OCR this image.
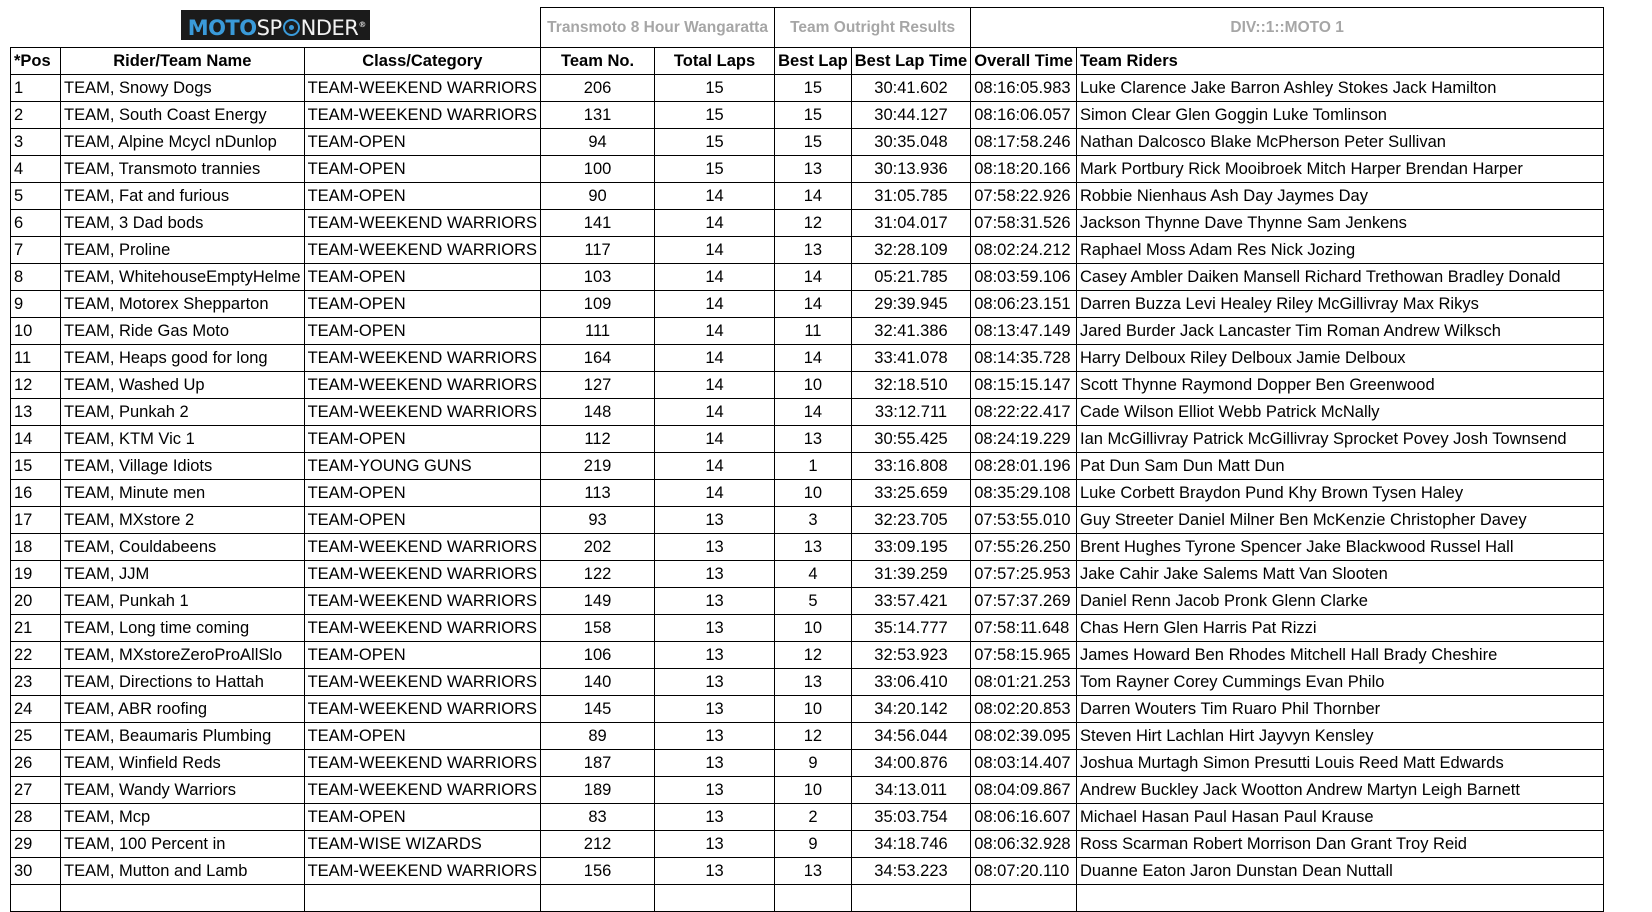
MOTOSP NDER®			Transmoto 8 Hour Wangaratta		Team Outright Results		DIV::1::MOTO 1	
*Pos	Rider/Team Name	Class/Category	Team No.	Total Laps	Best Lap	Best Lap Time	Overall Time	Team Riders
1	TEAM, Snowy Dogs	TEAM-WEEKEND WARRIORS	206	15	15	30:41.602	08:16:05.983	Luke Clarence Jake Barron Ashley Stokes Jack Hamilton
2	TEAM, South Coast Energy	TEAM-WEEKEND WARRIORS	131	15	15	30:44.127	08:16:06.057	Simon Clear Glen Goggin Luke Tomlinson
3	TEAM, Alpine Mcycl nDunlop	TEAM-OPEN	94	15	15	30:35.048	08:17:58.246	Nathan Dalcosco Blake McPherson Peter Sullivan
4	TEAM, Transmoto trannies	TEAM-OPEN	100	15	13	30:13.936	08:18:20.166	Mark Portbury Rick Mooibroek Mitch Harper Brendan Harper
5	TEAM, Fat and furious	TEAM-OPEN	90	14	14	31:05.785	07:58:22.926	Robbie Nienhaus Ash Day Jaymes Day
6	TEAM, 3 Dad bods	TEAM-WEEKEND WARRIORS	141	14	12	31:04.017	07:58:31.526	Jackson Thynne Dave Thynne Sam Jenkens
7	TEAM, Proline	TEAM-WEEKEND WARRIORS	117	14	13	32:28.109	08:02:24.212	Raphael Moss Adam Res Nick Jozing
8	TEAM, WhitehouseEmptyHelme	TEAM-OPEN	103	14	14	05:21.785	08:03:59.106	Casey Ambler Daiken Mansell Richard Trethowan Bradley Donald
9	TEAM, Motorex Shepparton	TEAM-OPEN	109	14	14	29:39.945	08:06:23.151	Darren Buzza Levi Healey Riley McGillivray Max Rikys
10	TEAM, Ride Gas Moto	TEAM-OPEN	111	14	11	32:41.386	08:13:47.149	Jared Burder Jack Lancaster Tim Roman Andrew Wilksch
11	TEAM, Heaps good for long	TEAM-WEEKEND WARRIORS	164	14	14	33:41.078	08:14:35.728	Harry Delboux Riley Delboux Jamie Delboux
12	TEAM, Washed Up	TEAM-WEEKEND WARRIORS	127	14	10	32:18.510	08:15:15.147	Scott Thynne Raymond Dopper Ben Greenwood
13	TEAM, Punkah 2	TEAM-WEEKEND WARRIORS	148	14	14	33:12.711	08:22:22.417	Cade Wilson Elliot Webb Patrick McNally
14	TEAM, KTM Vic 1	TEAM-OPEN	112	14	13	30:55.425	08:24:19.229	Ian McGillivray Patrick McGillivray Sprocket Povey Josh Townsend
15	TEAM, Village Idiots	TEAM-YOUNG GUNS	219	14	1	33:16.808	08:28:01.196	Pat Dun Sam Dun Matt Dun
16	TEAM, Minute men	TEAM-OPEN	113	14	10	33:25.659	08:35:29.108	Luke Corbett Braydon Pund Khy Brown Tysen Haley
17	TEAM, MXstore 2	TEAM-OPEN	93	13	3	32:23.705	07:53:55.010	Guy Streeter Daniel Milner Ben McKenzie Christopher Davey
18	TEAM, Couldabeens	TEAM-WEEKEND WARRIORS	202	13	13	33:09.195	07:55:26.250	Brent Hughes Tyrone Spencer Jake Blackwood Russel Hall
19	TEAM, JJM	TEAM-WEEKEND WARRIORS	122	13	4	31:39.259	07:57:25.953	Jake Cahir Jake Salems Matt Van Slooten
20	TEAM, Punkah 1	TEAM-WEEKEND WARRIORS	149	13	5	33:57.421	07:57:37.269	Daniel Renn Jacob Pronk Glenn Clarke
21	TEAM, Long time coming	TEAM-WEEKEND WARRIORS	158	13	10	35:14.777	07:58:11.648	Chas Hern Glen Harris Pat Rizzi
22	TEAM, MXstoreZeroProAllSlo	TEAM-OPEN	106	13	12	32:53.923	07:58:15.965	James Howard Ben Rhodes Mitchell Hall Brady Cheshire
23	TEAM, Directions to Hattah	TEAM-WEEKEND WARRIORS	140	13	13	33:06.410	08:01:21.253	Tom Rayner Corey Cummings Evan Philo
24	TEAM, ABR roofing	TEAM-WEEKEND WARRIORS	145	13	10	34:20.142	08:02:20.853	Darren Wouters Tim Ruaro Phil Thornber
25	TEAM, Beaumaris Plumbing	TEAM-OPEN	89	13	12	34:56.044	08:02:39.095	Steven Hirt Lachlan Hirt Jayvyn Kensley
26	TEAM, Winfield Reds	TEAM-WEEKEND WARRIORS	187	13	9	34:00.876	08:03:14.407	Joshua Murtagh Simon Presutti Louis Reed Matt Edwards
27	TEAM, Wandy Warriors	TEAM-WEEKEND WARRIORS	189	13	10	34:13.011	08:04:09.867	Andrew Buckley Jack Wootton Andrew Martyn Leigh Barnett
28	TEAM, Mcp	TEAM-OPEN	83	13	2	35:03.754	08:06:16.607	Michael Hasan Paul Hasan Paul Krause
29	TEAM, 100 Percent in	TEAM-WISE WIZARDS	212	13	9	34:18.746	08:06:32.928	Ross Scarman Robert Morrison Dan Grant Troy Reid
30	TEAM, Mutton and Lamb	TEAM-WEEKEND WARRIORS	156	13	13	34:53.223	08:07:20.110	Duanne Eaton Jaron Dunstan Dean Nuttall
